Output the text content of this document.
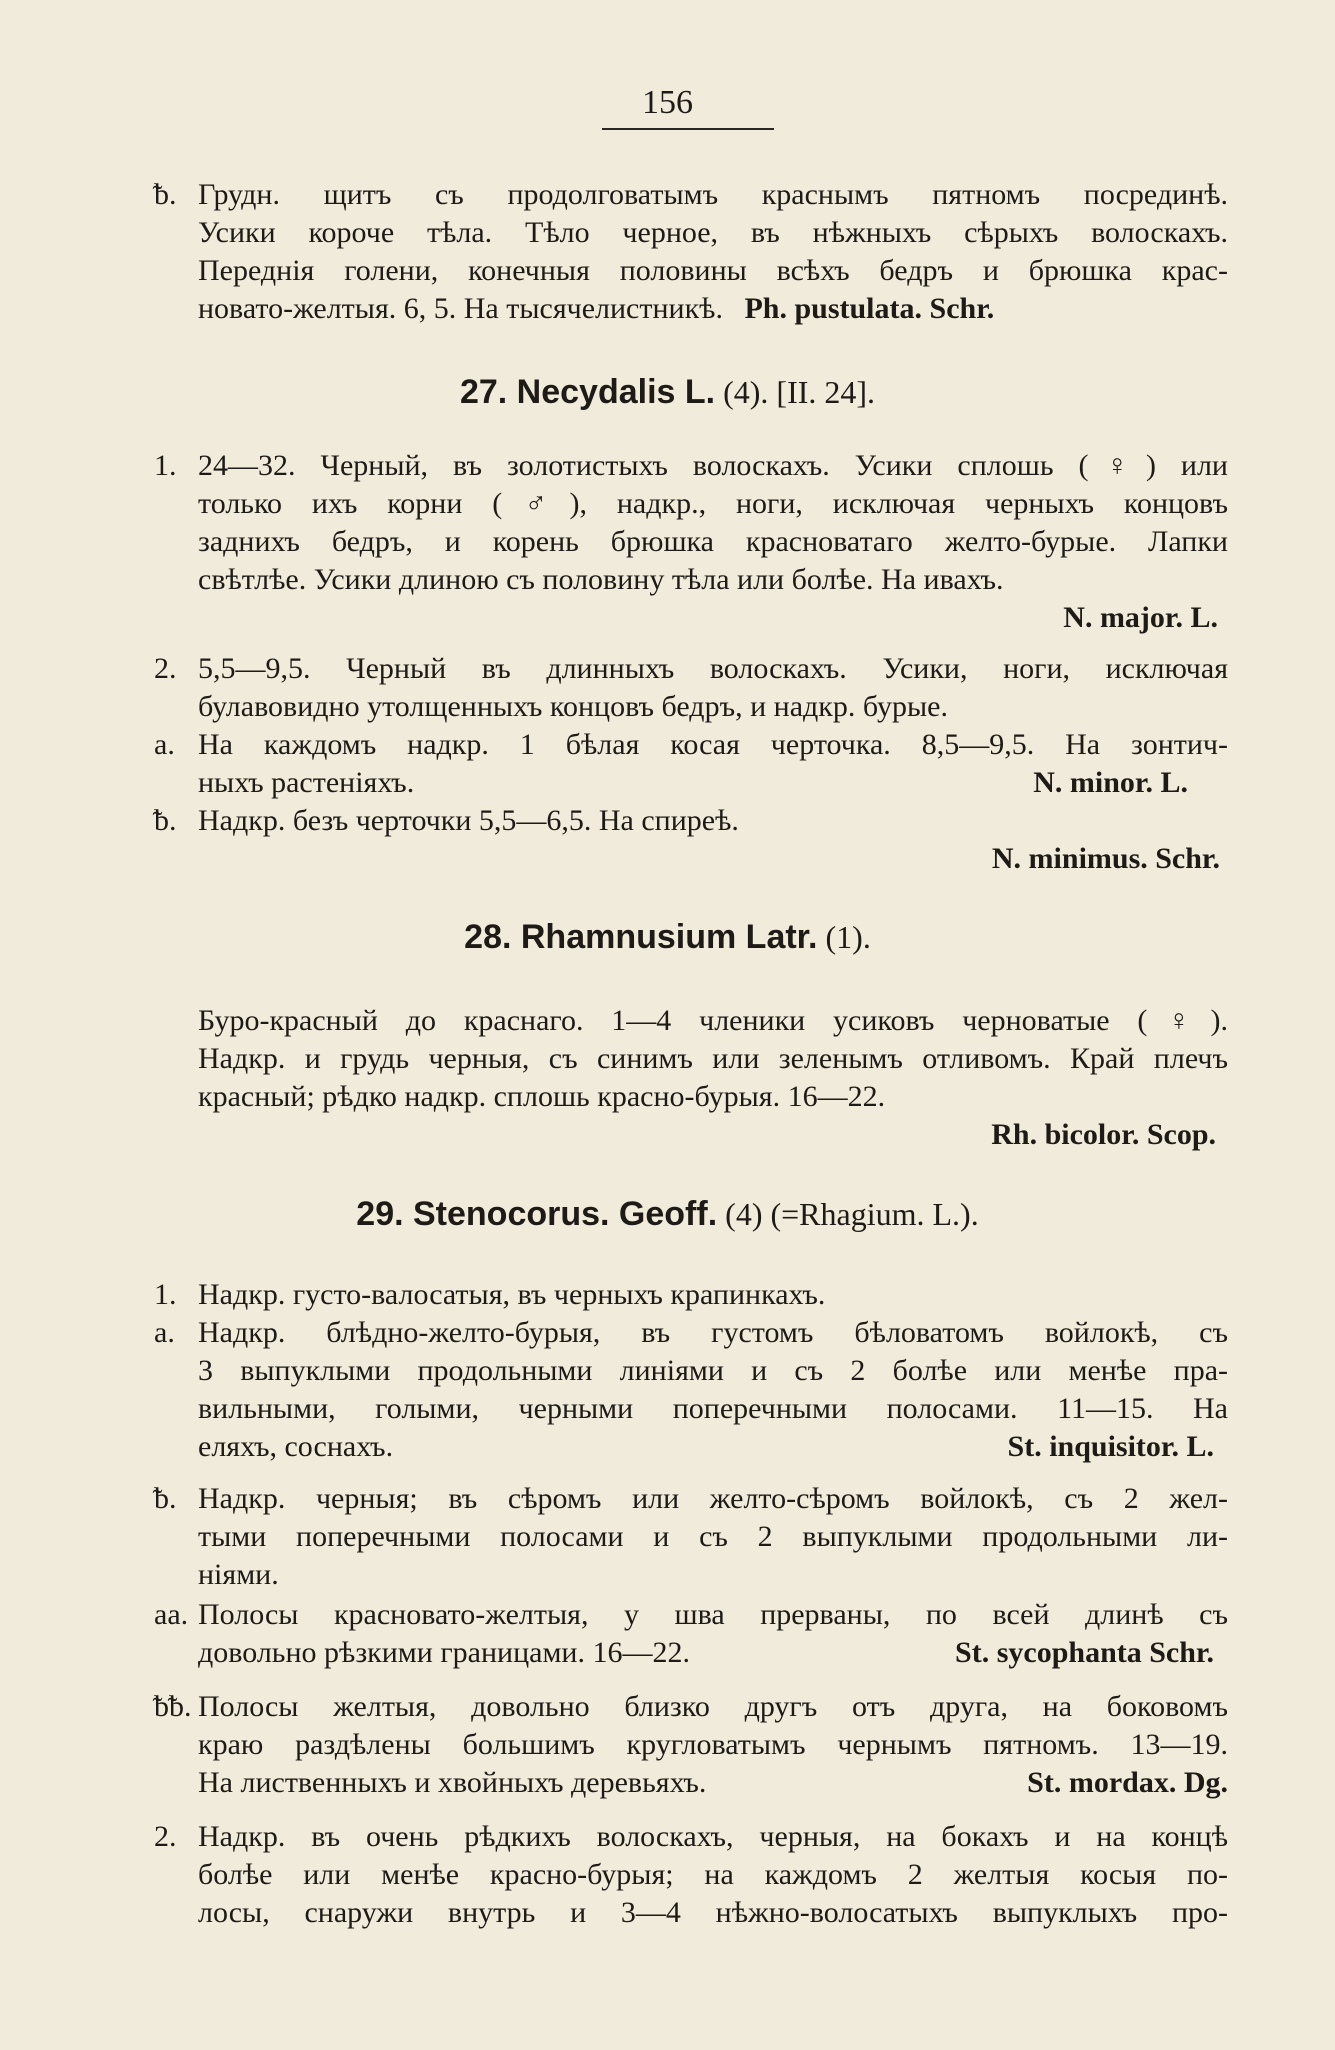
156
ᵬ. Грудн. щитъ съ продолговатымъ краснымъ пятномъ посрединѣ.
Усики короче тѣла. Тѣло черное, въ нѣжныхъ сѣрыхъ волоскахъ.
Переднія голени, конечныя половины всѣхъ бедръ и брюшка крас-
новато-желтыя. 6, 5. На тысячелистникѣ. Ph. pustulata. Schr.
27. Necydalis L. (4). [II. 24].
1. 24—32. Черный, въ золотистыхъ волоскахъ. Усики сплошь (♀) или
только ихъ корни (♂), надкр., ноги, исключая черныхъ концовъ
заднихъ бедръ, и корень брюшка красноватаго желто-бурые. Лапки
свѣтлѣе. Усики длиною съ половину тѣла или болѣе. На ивахъ.
N. major. L.
2. 5,5—9,5. Черный въ длинныхъ волоскахъ. Усики, ноги, исключая
булавовидно утолщенныхъ концовъ бедръ, и надкр. бурые.
a. На каждомъ надкр. 1 бѣлая косая черточка. 8,5—9,5. На зонтич-
ныхъ растеніяхъ.	N. minor. L.
ᵬ. Надкр. безъ черточки 5,5—6,5. На спиреѣ.
N. minimus. Schr.
28. Rhamnusium Latr. (1).
Буро-красный до краснаго. 1—4 членики усиковъ черноватые (♀).
Надкр. и грудь черныя, съ синимъ или зеленымъ отливомъ. Край плечъ
красный; рѣдко надкр. сплошь красно-бурыя. 16—22.
Rh. bicolor. Scop.
29. Stenocorus. Geoff. (4) (=Rhagium. L.).
1. Надкр. густо-валосатыя, въ черныхъ крапинкахъ.
a. Надкр. блѣдно-желто-бурыя, въ густомъ бѣловатомъ войлокѣ, съ
3 выпуклыми продольными линіями и съ 2 болѣе или менѣе пра-
вильными, голыми, черными поперечными полосами. 11—15. На
еляхъ, соснахъ.	St. inquisitor. L.
ᵬ. Надкр. черныя; въ сѣромъ или желто-сѣромъ войлокѣ, съ 2 жел-
тыми поперечными полосами и съ 2 выпуклыми продольными ли-
ніями.
aa. Полосы красновато-желтыя, у шва прерваны, по всей длинѣ съ
довольно рѣзкими границами. 16—22.	St. sycophanta Schr.
ᵬᵬ. Полосы желтыя, довольно близко другъ отъ друга, на боковомъ
краю раздѣлены большимъ кругловатымъ чернымъ пятномъ. 13—19.
На лиственныхъ и хвойныхъ деревьяхъ.	St. mordax. Dg.
2. Надкр. въ очень рѣдкихъ волоскахъ, черныя, на бокахъ и на концѣ
болѣе или менѣе красно-бурыя; на каждомъ 2 желтыя косыя по-
лосы, снаружи внутрь и 3—4 нѣжно-волосатыхъ выпуклыхъ про-
